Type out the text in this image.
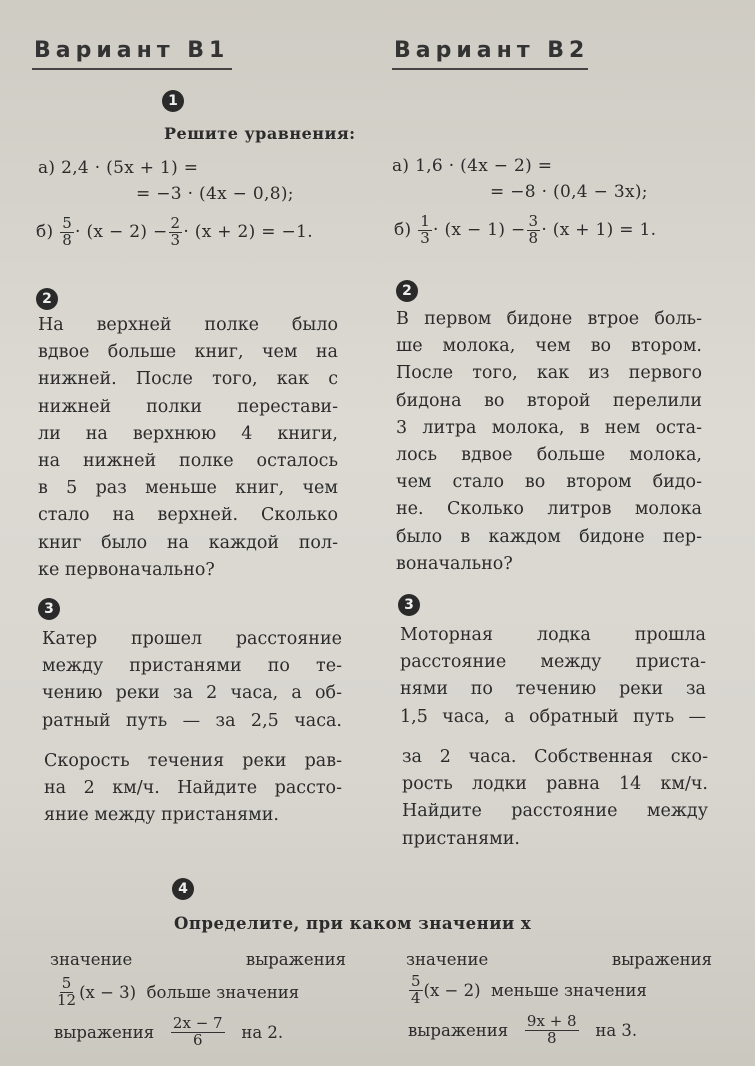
Вариант В1	Вариант В2
1
Решите уравнения:
а) 2,4 · (5x + 1) =
= −3 · (4x − 0,8);
а) 1,6 · (4x − 2) =
= −8 · (0,4 − 3x);
б)
$\frac{5}{8} \cdot (x - 2) - \frac{2}{3} \cdot (x + 2) = -1$.	б)
$\frac{1}{3} \cdot (x - 1) - \frac{3}{8} \cdot (x + 1) = 1$.
2	2
На верхней полке было
вдвое больше книг, чем на
нижней. После того, как с
нижней полки перестави-
ли на верхнюю 4 книги,
на нижней полке осталось
в 5 раз меньше книг, чем
стало на верхней. Сколько
книг было на каждой пол-
ке первоначально?
В первом бидоне втрое боль-
ше молока, чем во втором.
После того, как из первого
бидона во второй перелили
3 литра молока, в нем оста-
лось вдвое больше молока,
чем стало во втором бидо-
не. Сколько литров молока
было в каждом бидоне пер-
воначально?
3	3
Катер прошел расстояние
между пристанями по те-
чению реки за 2 часа, а об-
ратный путь — за 2,5 часа.
Скорость течения реки рав-
на 2 км/ч. Найдите рассто-
яние между пристанями.
Моторная лодка прошла
расстояние между приста-
нями по течению реки за
1,5 часа, а обратный путь —
за 2 часа. Собственная ско-
рость лодки равна 14 км/ч.
Найдите расстояние между
пристанями.
4
Определите, при каком значении x
значение	выражения
$\frac{5}{12} (x - 3)$  больше значения
выражения
$\frac{2x - 7}{6}$
на 2.
значение	выражения
$\frac{5}{4} (x - 2)$  меньше значения
выражения
$\frac{9x + 8}{8}$
на 3.
